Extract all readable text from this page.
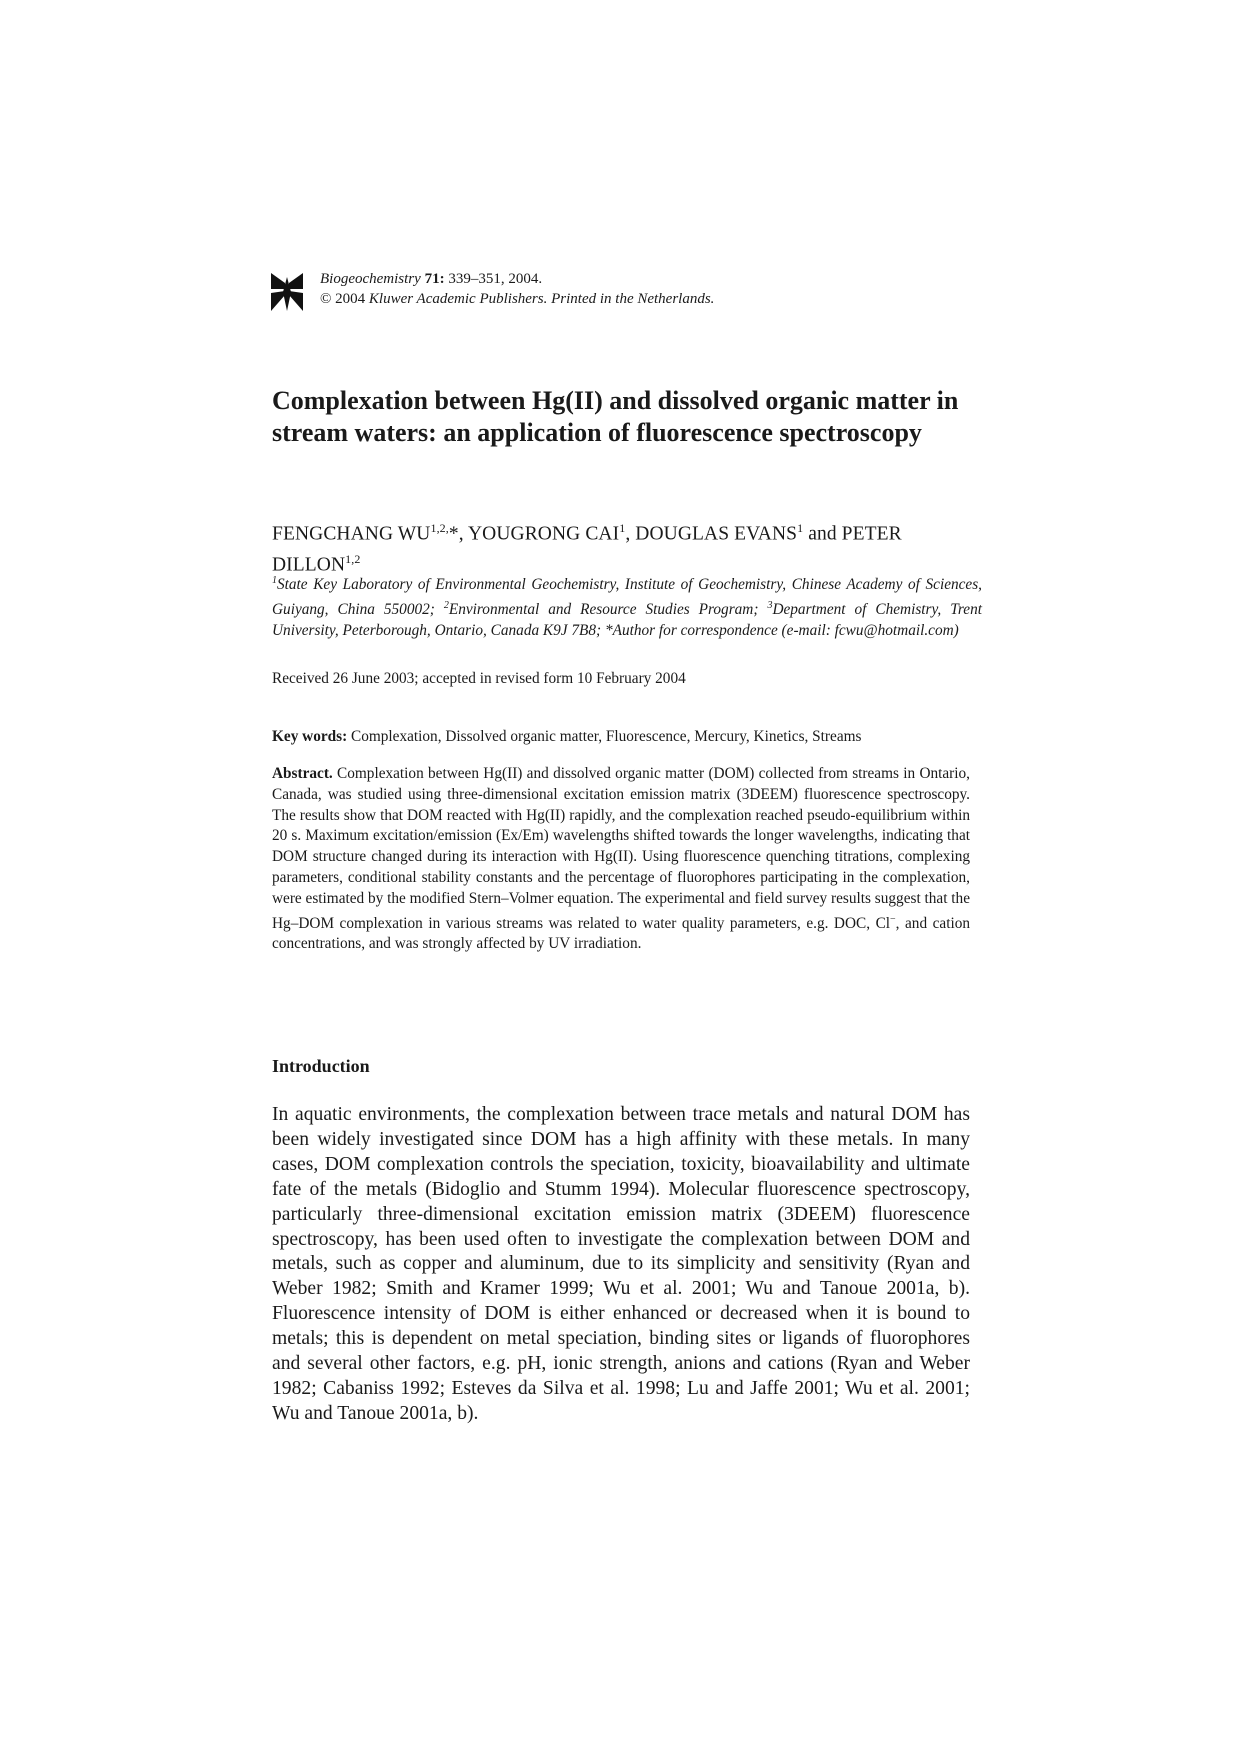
Biogeochemistry 71: 339–351, 2004.
© 2004 Kluwer Academic Publishers. Printed in the Netherlands.
Complexation between Hg(II) and dissolved organic matter in stream waters: an application of fluorescence spectroscopy
FENGCHANG $WU^{1,2,}*$, YOUGRONG CAI$^1$, DOUGLAS EVANS$^1$ and PETER DILLON$^{1,2}$
$^1$State Key Laboratory of Environmental Geochemistry, Institute of Geochemistry, Chinese Academy of Sciences, Guiyang, China 550002; $^2$Environmental and Resource Studies Program; $^3$Department of Chemistry, Trent University, Peterborough, Ontario, Canada K9J 7B8; *Author for correspondence (e-mail: fcwu@hotmail.com)
Received 26 June 2003; accepted in revised form 10 February 2004
Key words: Complexation, Dissolved organic matter, Fluorescence, Mercury, Kinetics, Streams
Abstract. Complexation between Hg(II) and dissolved organic matter (DOM) collected from streams in Ontario, Canada, was studied using three-dimensional excitation emission matrix (3DEEM) fluorescence spectroscopy. The results show that DOM reacted with Hg(II) rapidly, and the complexation reached pseudo-equilibrium within 20 s. Maximum excitation/emission (Ex/Em) wavelengths shifted towards the longer wavelengths, indicating that DOM structure changed during its interaction with Hg(II). Using fluorescence quenching titrations, complexing parameters, conditional stability constants and the percentage of fluorophores participating in the complexation, were estimated by the modified Stern–Volmer equation. The experimental and field survey results suggest that the Hg–DOM complexation in various streams was related to water quality parameters, e.g. DOC, Cl−, and cation concentrations, and was strongly affected by UV irradiation.
Introduction

In aquatic environments, the complexation between trace metals and natural DOM has been widely investigated since DOM has a high affinity with these metals. In many cases, DOM complexation controls the speciation, toxicity, bioavailability and ultimate fate of the metals (Bidoglio and Stumm 1994). Molecular fluorescence spectroscopy, particularly three-dimensional excitation emission matrix (3DEEM) fluorescence spectroscopy, has been used often to investigate the complexation between DOM and metals, such as copper and aluminum, due to its simplicity and sensitivity (Ryan and Weber 1982; Smith and Kramer 1999; Wu et al. 2001; Wu and Tanoue 2001a, b). Fluorescence intensity of DOM is either enhanced or decreased when it is bound to metals; this is dependent on metal speciation, binding sites or ligands of fluorophores and several other factors, e.g. pH, ionic strength, anions and cations (Ryan and Weber 1982; Cabaniss 1992; Esteves da Silva et al. 1998; Lu and Jaffe 2001; Wu et al. 2001; Wu and Tanoue 2001a, b).
